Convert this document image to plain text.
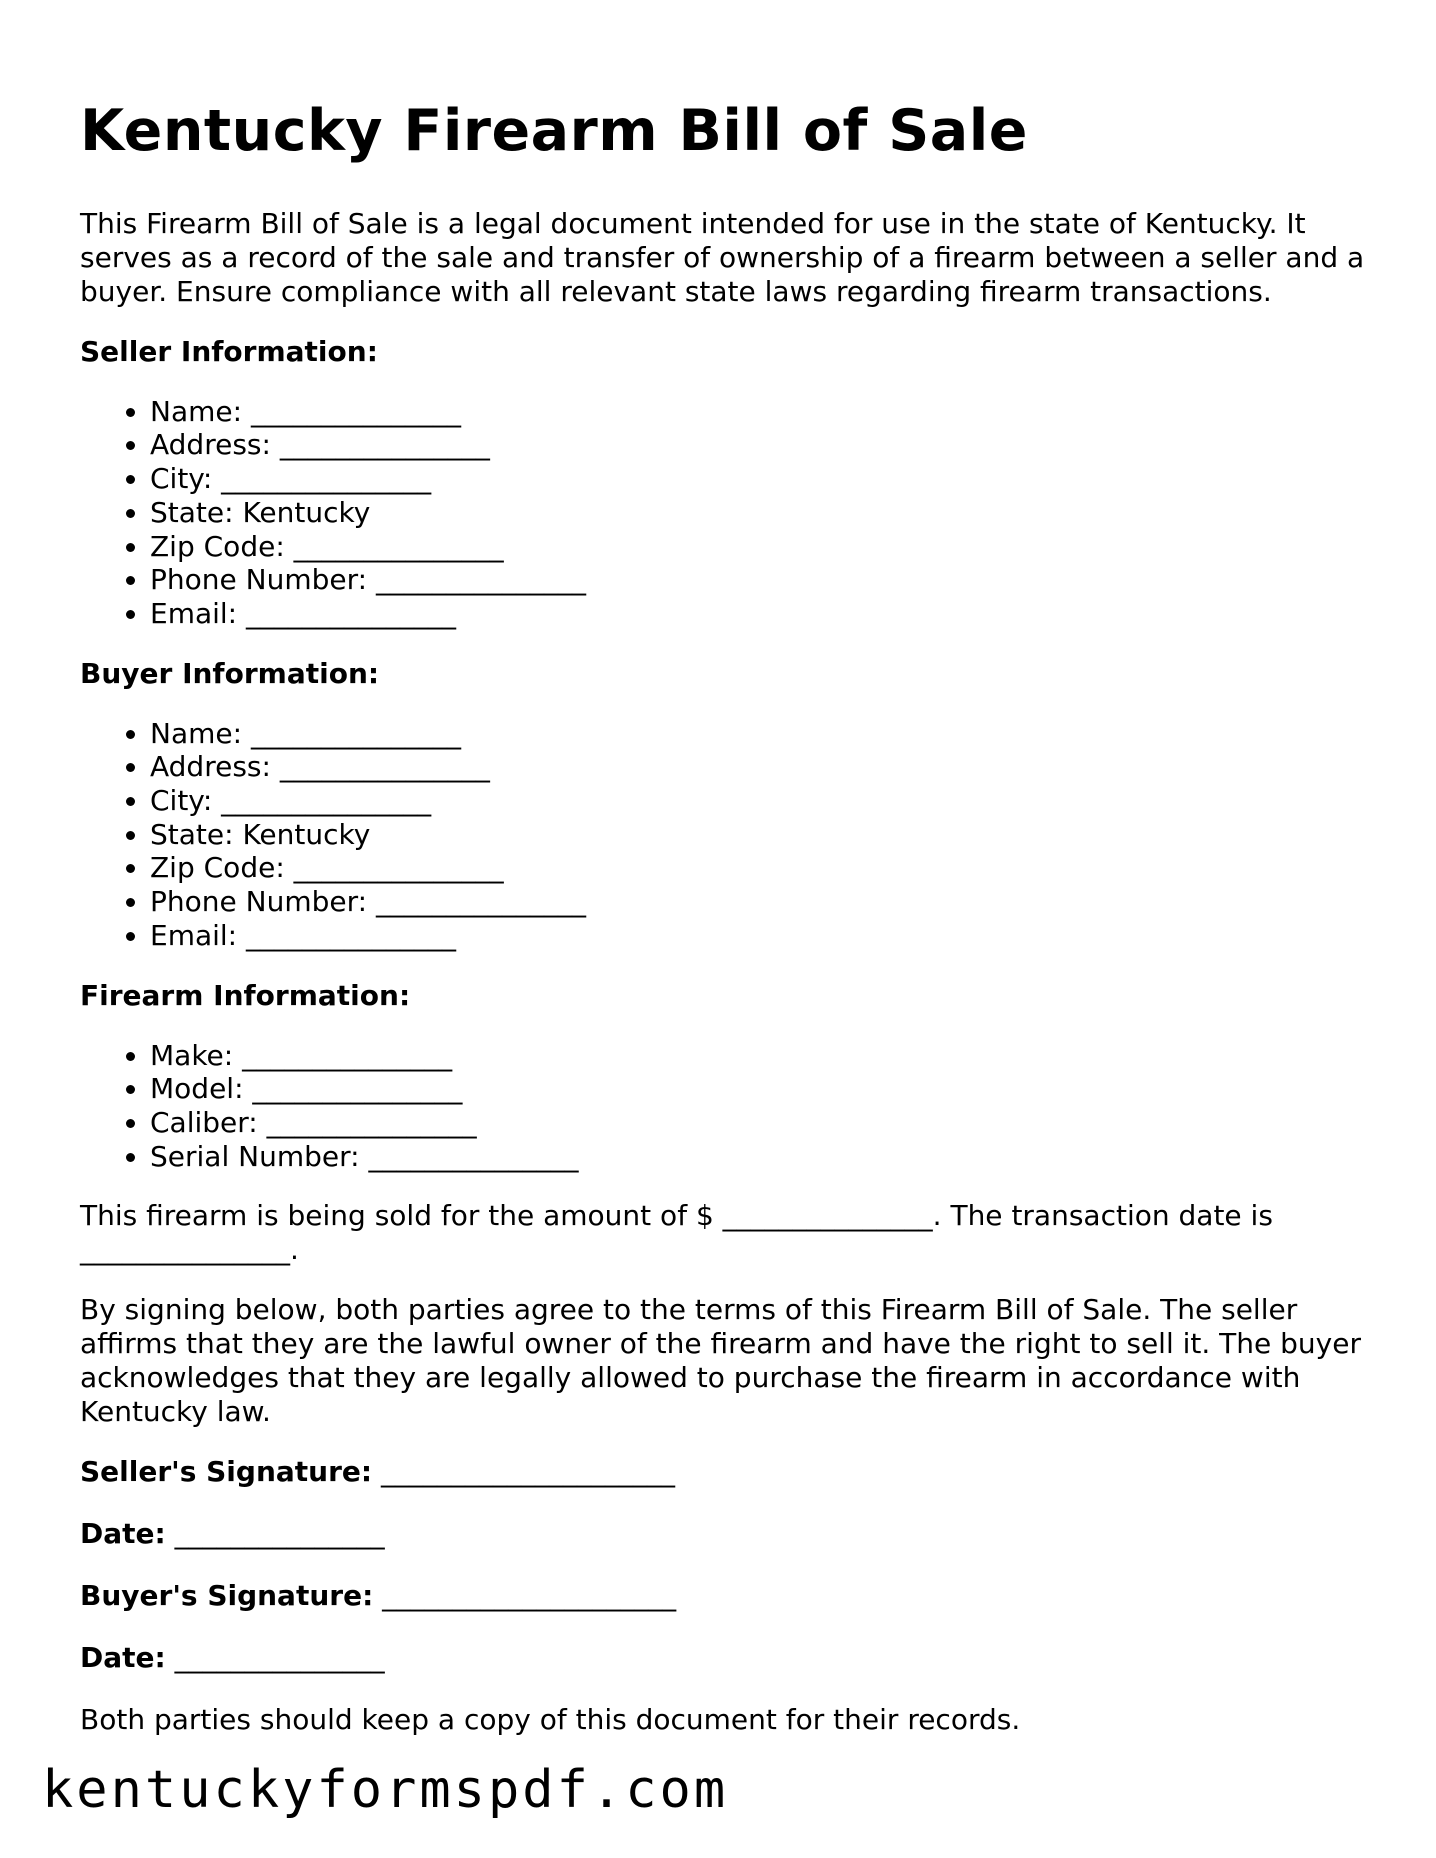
Kentucky Firearm Bill of Sale

This Firearm Bill of Sale is a legal document intended for use in the state of Kentucky. It serves as a record of the sale and transfer of ownership of a firearm between a seller and a buyer. Ensure compliance with all relevant state laws regarding firearm transactions.

Seller Information:
• Name: _______________
• Address: _______________
• City: _______________
• State: Kentucky
• Zip Code: _______________
• Phone Number: _______________
• Email: _______________
Buyer Information:
• Name: _______________
• Address: _______________
• City: _______________
• State: Kentucky
• Zip Code: _______________
• Phone Number: _______________
• Email: _______________
Firearm Information:
• Make: _______________
• Model: _______________
• Caliber: _______________
• Serial Number: _______________

This firearm is being sold for the amount of $ _______________. The transaction date is _______________.

By signing below, both parties agree to the terms of this Firearm Bill of Sale. The seller affirms that they are the lawful owner of the firearm and have the right to sell it. The buyer acknowledges that they are legally allowed to purchase the firearm in accordance with Kentucky law.

Seller's Signature: _____________________
Date: _______________
Buyer's Signature: _____________________
Date: _______________

Both parties should keep a copy of this document for their records.

kentuckyformspdf.com
